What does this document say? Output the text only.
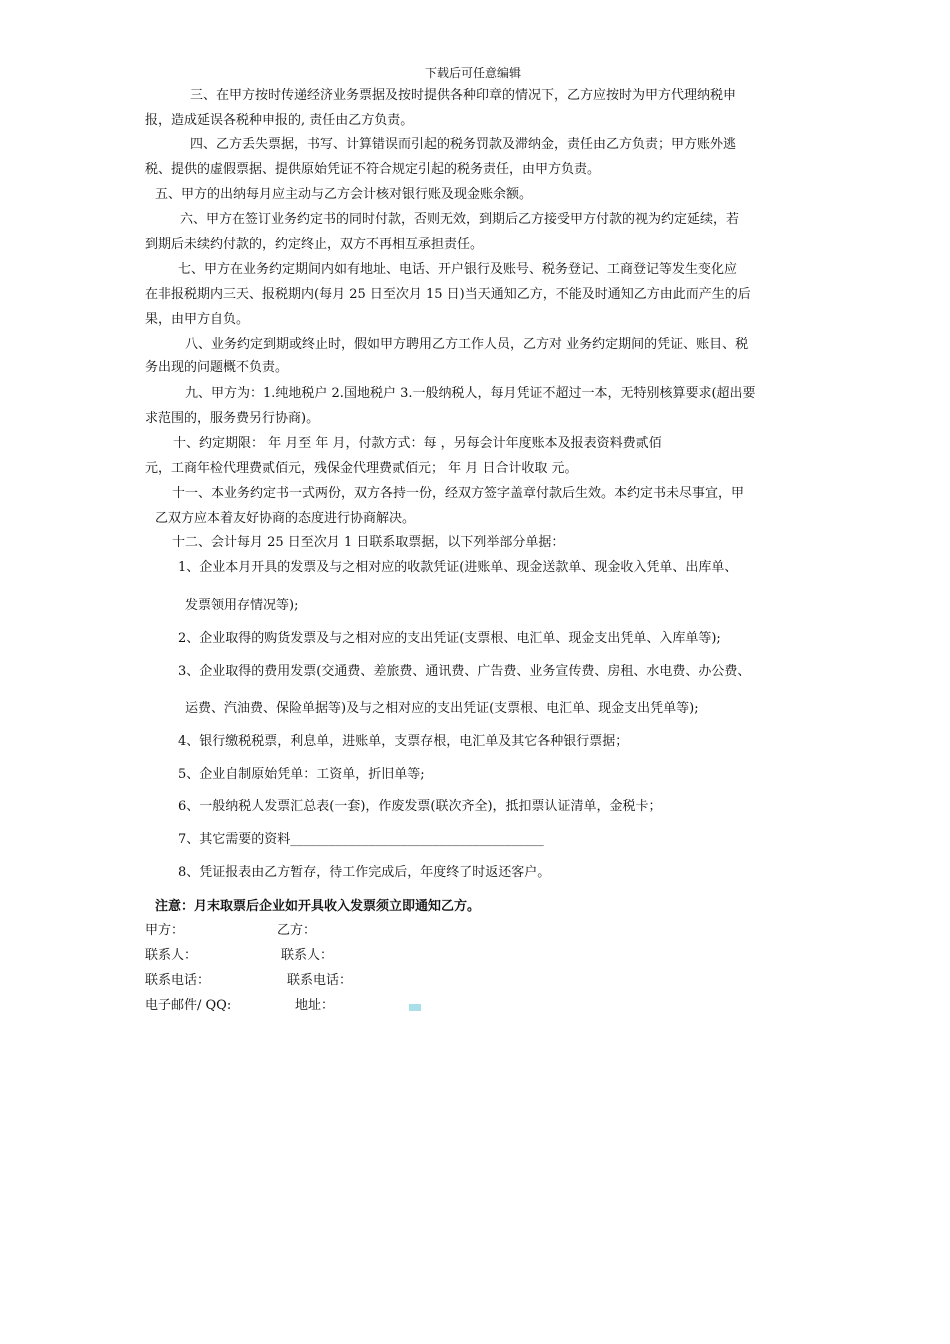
下载后可任意编辑
三、在甲方按时传递经济业务票据及按时提供各种印章的情况下，乙方应按时为甲方代理纳税申
报，造成延误各税种申报的, 责任由乙方负责。
四、乙方丢失票据，书写、计算错误而引起的税务罚款及滞纳金，责任由乙方负责；甲方账外逃
税、提供的虚假票据、提供原始凭证不符合规定引起的税务责任，由甲方负责。
五、甲方的出纳每月应主动与乙方会计核对银行账及现金账余额。
六、甲方在签订业务约定书的同时付款，否则无效，到期后乙方接受甲方付款的视为约定延续，若
到期后未续约付款的，约定终止，双方不再相互承担责任。
七、甲方在业务约定期间内如有地址、电话、开户银行及账号、税务登记、工商登记等发生变化应
在非报税期内三天、报税期内(每月 25 日至次月 15 日)当天通知乙方，不能及时通知乙方由此而产生的后
果，由甲方自负。
八、业务约定到期或终止时，假如甲方聘用乙方工作人员，乙方对 业务约定期间的凭证、账目、税
务出现的问题概不负责。
九、甲方为：1.纯地税户 2.国地税户 3.一般纳税人，每月凭证不超过一本，无特别核算要求(超出要
求范围的，服务费另行协商)。
十、约定期限： 年 月至 年 月，付款方式：每 ，另每会计年度账本及报表资料费贰佰
元，工商年检代理费贰佰元，残保金代理费贰佰元； 年 月 日合计收取 元。
十一、本业务约定书一式两份，双方各持一份，经双方签字盖章付款后生效。本约定书未尽事宜，甲
乙双方应本着友好协商的态度进行协商解决。
十二、会计每月 25 日至次月 1 日联系取票据，以下列举部分单据：
1、企业本月开具的发票及与之相对应的收款凭证(进账单、现金送款单、现金收入凭单、出库单、
发票领用存情况等);
2、企业取得的购货发票及与之相对应的支出凭证(支票根、电汇单、现金支出凭单、入库单等);
3、企业取得的费用发票(交通费、差旅费、通讯费、广告费、业务宣传费、房租、水电费、办公费、
运费、汽油费、保险单据等)及与之相对应的支出凭证(支票根、电汇单、现金支出凭单等);
4、银行缴税税票，利息单，进账单，支票存根，电汇单及其它各种银行票据；
5、企业自制原始凭单：工资单，折旧单等;
6、一般纳税人发票汇总表(一套)，作废发票(联次齐全)，抵扣票认证清单，金税卡；
7、其它需要的资料_______________________________________
8、凭证报表由乙方暂存，待工作完成后，年度终了时返还客户。
注意：月末取票后企业如开具收入发票须立即通知乙方。
甲方：	乙方：
联系人：	联系人：
联系电话：	联系电话：
电子邮件/ QQ:	地址：
